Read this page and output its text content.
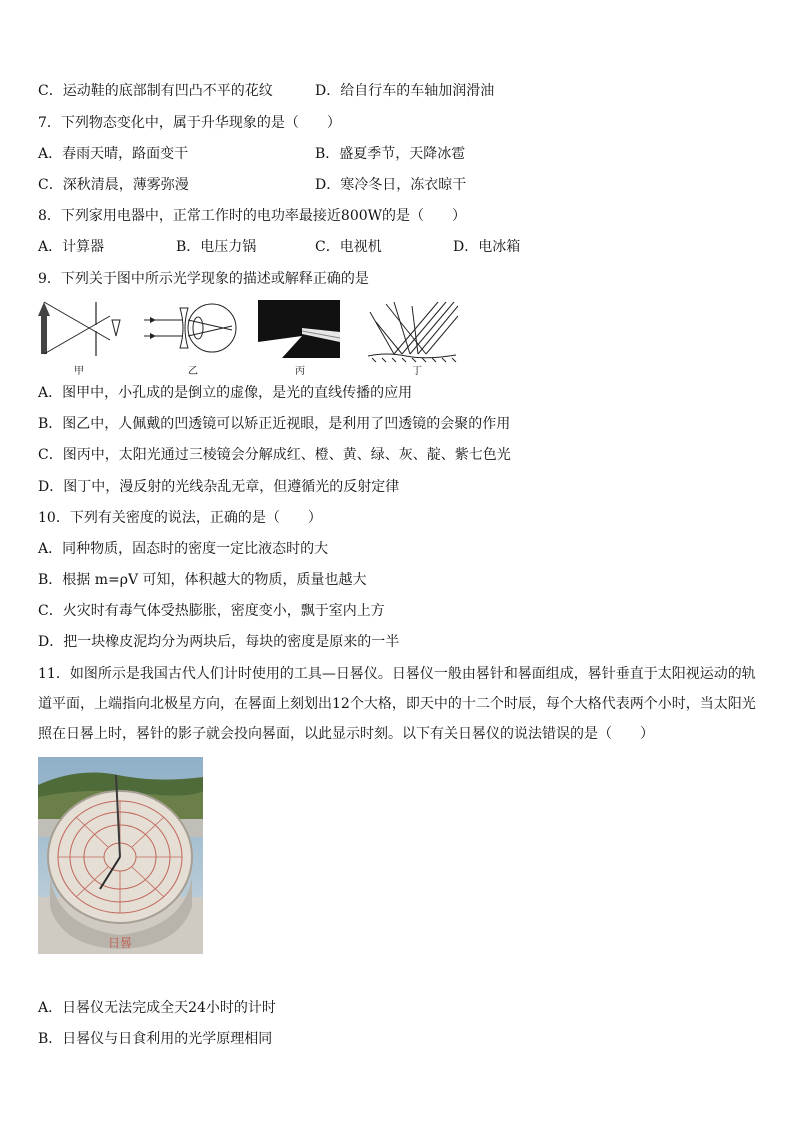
C．运动鞋的底部制有凹凸不平的花纹	D．给自行车的车轴加润滑油
7．下列物态变化中，属于升华现象的是（　　）
A．春雨天晴，路面变干	B．盛夏季节，天降冰雹
C．深秋清晨，薄雾弥漫	D．寒冷冬日，冻衣晾干
8．下列家用电器中，正常工作时的电功率最接近800W的是（　　）
A．计算器	B．电压力锅	C．电视机	D．电冰箱
9．下列关于图中所示光学现象的描述或解释正确的是
甲	乙	丙	丁
A．图甲中，小孔成的是倒立的虚像，是光的直线传播的应用
B．图乙中，人佩戴的凹透镜可以矫正近视眼，是利用了凹透镜的会聚的作用
C．图丙中，太阳光通过三棱镜会分解成红、橙、黄、绿、灰、靛、紫七色光
D．图丁中，漫反射的光线杂乱无章，但遵循光的反射定律
10．下列有关密度的说法，正确的是（　　）
A．同种物质，固态时的密度一定比液态时的大
B．根据 m=ρV 可知，体积越大的物质，质量也越大
C．火灾时有毒气体受热膨胀，密度变小，飘于室内上方
D．把一块橡皮泥均分为两块后，每块的密度是原来的一半
11．如图所示是我国古代人们计时使用的工具—日晷仪。日晷仪一般由晷针和晷面组成，晷针垂直于太阳视运动的轨道平面，上端指向北极星方向，在晷面上刻划出12个大格，即天中的十二个时辰，每个大格代表两个小时，当太阳光照在日晷上时，晷针的影子就会投向晷面，以此显示时刻。以下有关日晷仪的说法错误的是（　　）
日晷
A．日晷仪无法完成全天24小时的计时
B．日晷仪与日食利用的光学原理相同
